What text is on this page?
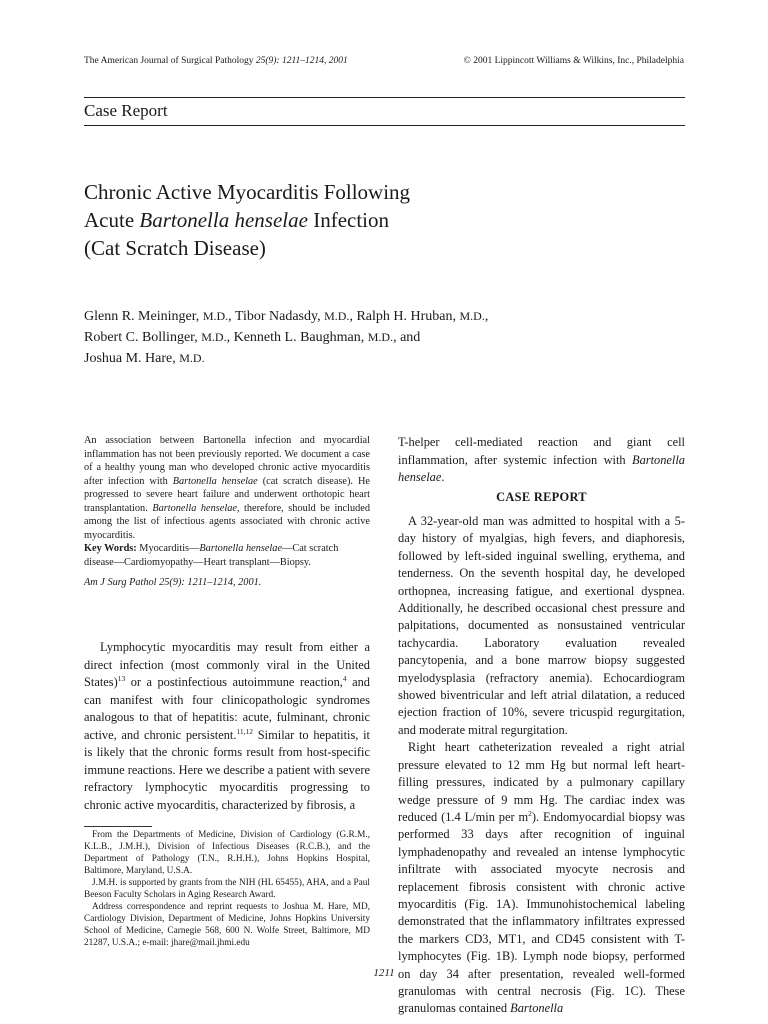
The American Journal of Surgical Pathology 25(9): 1211–1214, 2001	© 2001 Lippincott Williams & Wilkins, Inc., Philadelphia
Case Report
Chronic Active Myocarditis Following
Acute Bartonella henselae Infection
(Cat Scratch Disease)
Glenn R. Meininger, M.D., Tibor Nadasdy, M.D., Ralph H. Hruban, M.D.,
Robert C. Bollinger, M.D., Kenneth L. Baughman, M.D., and
Joshua M. Hare, M.D.

An association between Bartonella infection and myocardial inflammation has not been previously reported. We document a case of a healthy young man who developed chronic active myocarditis after infection with Bartonella henselae (cat scratch disease). He progressed to severe heart failure and underwent orthotopic heart transplantation. Bartonella henselae, therefore, should be included among the list of infectious agents associated with chronic active myocarditis.

Key Words: Myocarditis—Bartonella henselae—Cat scratch disease—Cardiomyopathy—Heart transplant—Biopsy.

Am J Surg Pathol 25(9): 1211–1214, 2001.

Lymphocytic myocarditis may result from either a direct infection (most commonly viral in the United States)$^{13}$ or a postinfectious autoimmune reaction,$^4$ and can manifest with four clinicopathologic syndromes analogous to that of hepatitis: acute, fulminant, chronic active, and chronic persistent.$^{11,12}$ Similar to hepatitis, it is likely that the chronic forms result from host-specific immune reactions. Here we describe a patient with severe refractory lymphocytic myocarditis progressing to chronic active myocarditis, characterized by fibrosis, a

From the Departments of Medicine, Division of Cardiology (G.R.M., K.L.B., J.M.H.), Division of Infectious Diseases (R.C.B.), and the Department of Pathology (T.N., R.H.H.), Johns Hopkins Hospital, Baltimore, Maryland, U.S.A.

J.M.H. is supported by grants from the NIH (HL 65455), AHA, and a Paul Beeson Faculty Scholars in Aging Research Award.

Address correspondence and reprint requests to Joshua M. Hare, MD, Cardiology Division, Department of Medicine, Johns Hopkins University School of Medicine, Carnegie 568, 600 N. Wolfe Street, Baltimore, MD 21287, U.S.A.; e-mail: jhare@mail.jhmi.edu

T-helper cell-mediated reaction and giant cell inflammation, after systemic infection with Bartonella henselae.

CASE REPORT

A 32-year-old man was admitted to hospital with a 5-day history of myalgias, high fevers, and diaphoresis, followed by left-sided inguinal swelling, erythema, and tenderness. On the seventh hospital day, he developed orthopnea, increasing fatigue, and exertional dyspnea. Additionally, he described occasional chest pressure and palpitations, documented as nonsustained ventricular tachycardia. Laboratory evaluation revealed pancytopenia, and a bone marrow biopsy suggested myelodysplasia (refractory anemia). Echocardiogram showed biventricular and left atrial dilatation, a reduced ejection fraction of 10%, severe tricuspid regurgitation, and moderate mitral regurgitation.

Right heart catheterization revealed a right atrial pressure elevated to 12 mm Hg but normal left heart-filling pressures, indicated by a pulmonary capillary wedge pressure of 9 mm Hg. The cardiac index was reduced (1.4 L/min per $m^2$). Endomyocardial biopsy was performed 33 days after recognition of inguinal lymphadenopathy and revealed an intense lymphocytic infiltrate with associated myocyte necrosis and replacement fibrosis consistent with chronic active myocarditis (Fig. 1A). Immunohistochemical labeling demonstrated that the inflammatory infiltrates expressed the markers CD3, MT1, and CD45 consistent with T-lymphocytes (Fig. 1B). Lymph node biopsy, performed on day 34 after presentation, revealed well-formed granulomas with central necrosis (Fig. 1C). These granulomas contained Bartonella

1211
